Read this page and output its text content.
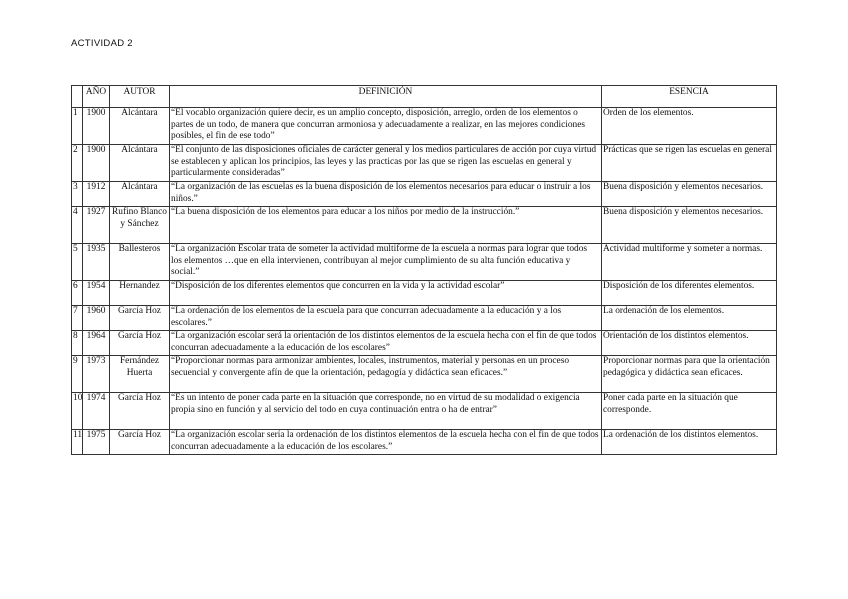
ACTIVIDAD 2
	AÑO	AUTOR	DEFINICIÓN	ESENCIA
1	1900	Alcántara	“El vocablo organización quiere decir, es un amplio concepto, disposición, arreglo, orden de los elementos o partes de un todo, de manera que concurran armoniosa y adecuadamente a realizar, en las mejores condiciones posibles, el fin de ese todo”	Orden de los elementos.
2	1900	Alcántara	“El conjunto de las disposiciones oficiales de carácter general y los medios particulares de acción por cuya virtud se establecen y aplican los principios, las leyes y las practicas por las que se rigen las escuelas en general y particularmente consideradas”	Prácticas que se rigen las escuelas en general
3	1912	Alcántara	“La organización de las escuelas es la buena disposición de los elementos necesarios para educar o instruir a los niños.”	Buena disposición y elementos necesarios.
4	1927	Rufino Blanco y Sánchez	“La buena disposición de los elementos para educar a los niños por medio de la instrucción.”	Buena disposición y elementos necesarios.
5	1935	Ballesteros	“La organización Escolar trata de someter la actividad multiforme de la escuela a normas para lograr que todos los elementos …que en ella intervienen, contribuyan al mejor cumplimiento de su alta función educativa y social.”	Actividad multiforme y someter a normas.
6	1954	Hernandez	“Disposición de los diferentes elementos que concurren en la vida y la actividad escolar”	Disposición de los diferentes elementos.
7	1960	García Hoz	“La ordenación de los elementos de la escuela para que concurran adecuadamente a la educación y a los escolares.”	La ordenación de los elementos.
8	1964	García Hoz	“La organización escolar será la orientación de los distintos elementos de la escuela hecha con el fin de que todos concurran adecuadamente a la educación de los escolares”	Orientación de los distintos elementos.
9	1973	Fernández Huerta	“Proporcionar normas para armonizar ambientes, locales, instrumentos, material y personas en un proceso secuencial y convergente afín de que la orientación, pedagogía y didáctica sean eficaces.”	Proporcionar normas para que la orientación pedagógica y didáctica sean eficaces.
10	1974	García Hoz	“Es un intento de poner cada parte en la situación que corresponde, no en virtud de su modalidad o exigencia propia sino en función y al servicio del todo en cuya continuación entra o ha de entrar”	Poner cada parte en la situación que corresponde.
11	1975	García Hoz	“La organización escolar sería la ordenación de los distintos elementos de la escuela hecha con el fin de que todos concurran adecuadamente a la educación de los escolares.”	La ordenación de los distintos elementos.
